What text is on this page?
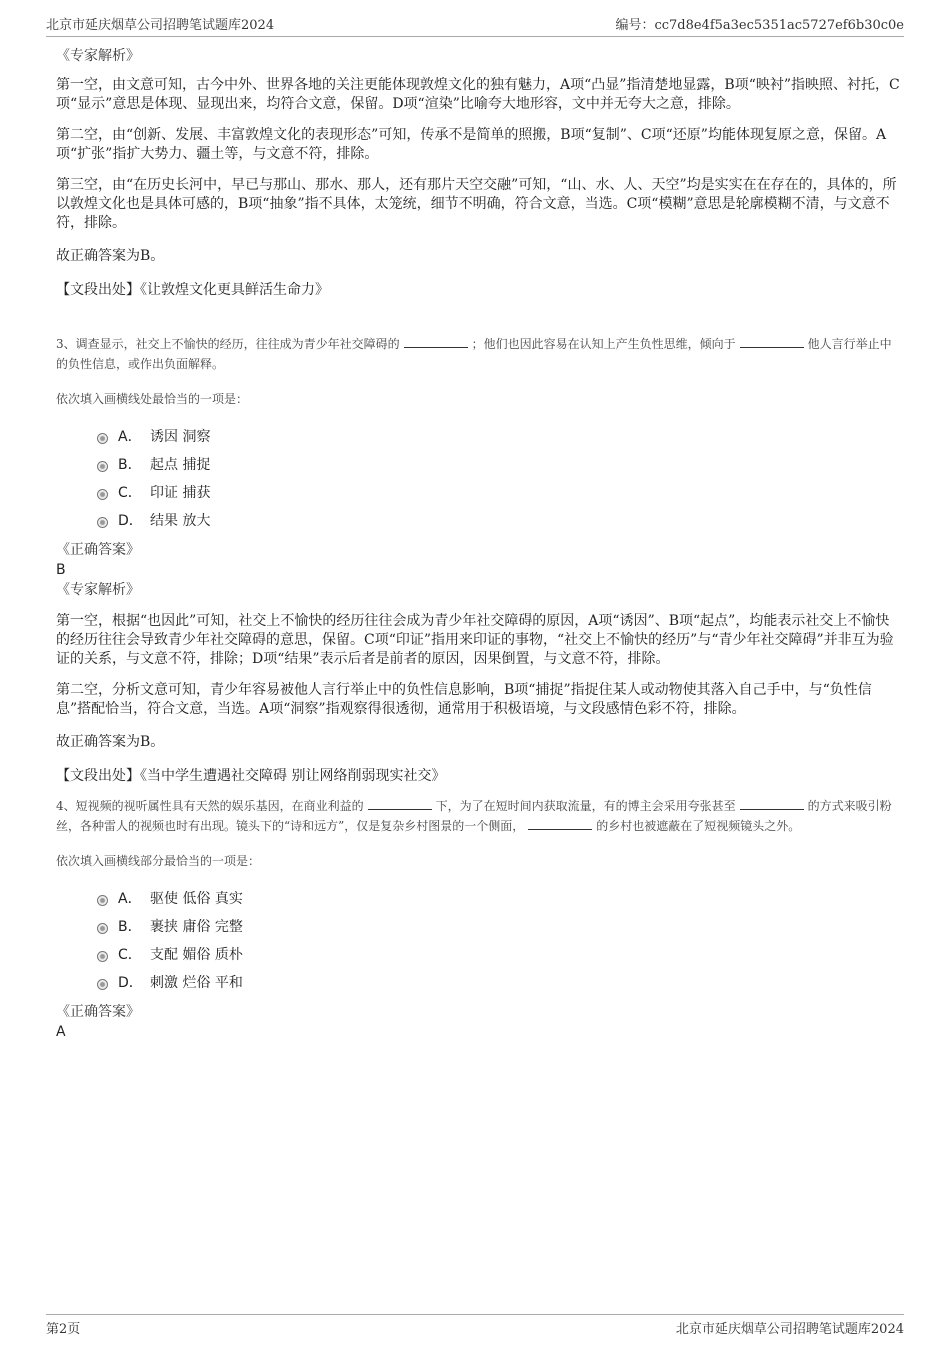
北京市延庆烟草公司招聘笔试题库2024	编号：cc7d8e4f5a3ec5351ac5727ef6b30c0e
《专家解析》

第一空，由文意可知，古今中外、世界各地的关注更能体现敦煌文化的独有魅力，A项“凸显”指清楚地显露，B项“映衬”指映照、衬托，C项“显示”意思是体现、显现出来，均符合文意，保留。D项“渲染”比喻夸大地形容，文中并无夸大之意，排除。

第二空，由“创新、发展、丰富敦煌文化的表现形态”可知，传承不是简单的照搬，B项“复制”、C项“还原”均能体现复原之意，保留。A项“扩张”指扩大势力、疆土等，与文意不符，排除。

第三空，由“在历史长河中，早已与那山、那水、那人，还有那片天空交融”可知，“山、水、人、天空”均是实实在在存在的，具体的，所以敦煌文化也是具体可感的，B项“抽象”指不具体，太笼统，细节不明确，符合文意，当选。C项“模糊”意思是轮廓模糊不清，与文意不符，排除。

故正确答案为B。

【文段出处】《让敦煌文化更具鲜活生命力》

3、调查显示，社交上不愉快的经历，往往成为青少年社交障碍的	；他们也因此容易在认知上产生负性思维，倾向于	他人言行举止中的负性信息，或作出负面解释。

依次填入画横线处最恰当的一项是：

A． 诱因 洞察
B． 起点 捕捉
C． 印证 捕获
D． 结果 放大
《正确答案》

B

《专家解析》

第一空，根据“也因此”可知，社交上不愉快的经历往往会成为青少年社交障碍的原因，A项“诱因”、B项“起点”，均能表示社交上不愉快的经历往往会导致青少年社交障碍的意思，保留。C项“印证”指用来印证的事物，“社交上不愉快的经历”与“青少年社交障碍”并非互为验证的关系，与文意不符，排除；D项“结果”表示后者是前者的原因，因果倒置，与文意不符，排除。

第二空，分析文意可知，青少年容易被他人言行举止中的负性信息影响，B项“捕捉”指捉住某人或动物使其落入自己手中，与“负性信息”搭配恰当，符合文意，当选。A项“洞察”指观察得很透彻，通常用于积极语境，与文段感情色彩不符，排除。

故正确答案为B。

【文段出处】《当中学生遭遇社交障碍 别让网络削弱现实社交》

4、短视频的视听属性具有天然的娱乐基因，在商业利益的	下，为了在短时间内获取流量，有的博主会采用夸张甚至	的方式来吸引粉丝，各种雷人的视频也时有出现。镜头下的“诗和远方”，仅是复杂乡村图景的一个侧面，	的乡村也被遮蔽在了短视频镜头之外。

依次填入画横线部分最恰当的一项是：

A． 驱使 低俗 真实
B． 裹挟 庸俗 完整
C． 支配 媚俗 质朴
D． 刺激 烂俗 平和
《正确答案》

A

第2页	北京市延庆烟草公司招聘笔试题库2024
